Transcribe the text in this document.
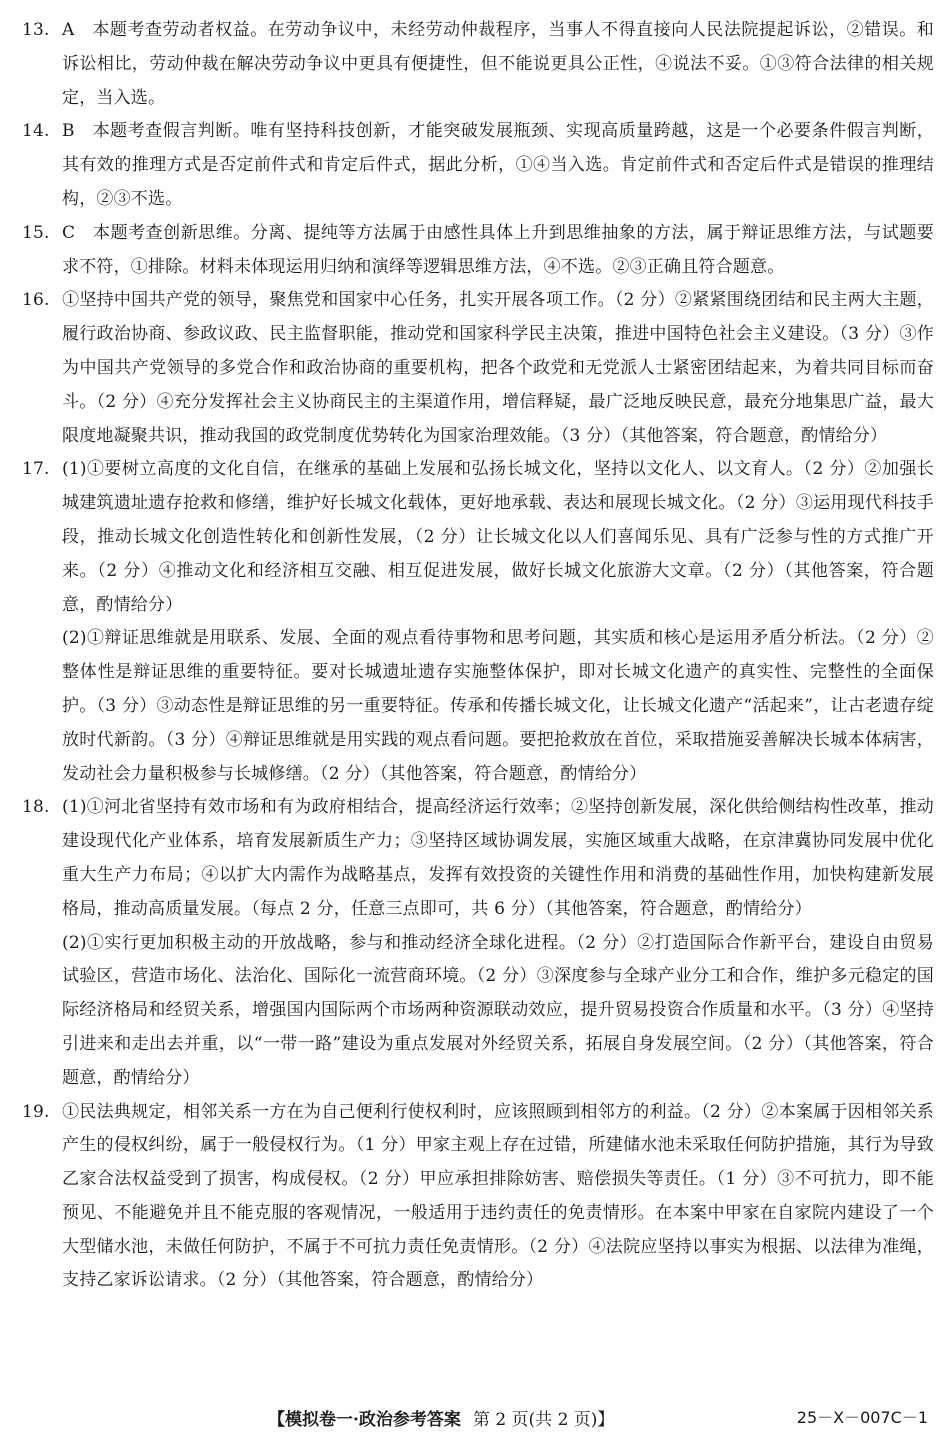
13. A　本题考查劳动者权益。在劳动争议中，未经劳动仲裁程序，当事人不得直接向人民法院提起诉讼，②错误。和诉讼相比，劳动仲裁在解决劳动争议中更具有便捷性，但不能说更具公正性，④说法不妥。①③符合法律的相关规定，当入选。

14. B　本题考查假言判断。唯有坚持科技创新，才能突破发展瓶颈、实现高质量跨越，这是一个必要条件假言判断，其有效的推理方式是否定前件式和肯定后件式，据此分析，①④当入选。肯定前件式和否定后件式是错误的推理结构，②③不选。

15. C　本题考查创新思维。分离、提纯等方法属于由感性具体上升到思维抽象的方法，属于辩证思维方法，与试题要求不符，①排除。材料未体现运用归纳和演绎等逻辑思维方法，④不选。②③正确且符合题意。

16. ①坚持中国共产党的领导，聚焦党和国家中心任务，扎实开展各项工作。（2 分）②紧紧围绕团结和民主两大主题，履行政治协商、参政议政、民主监督职能，推动党和国家科学民主决策，推进中国特色社会主义建设。（3 分）③作为中国共产党领导的多党合作和政治协商的重要机构，把各个政党和无党派人士紧密团结起来，为着共同目标而奋斗。（2 分）④充分发挥社会主义协商民主的主渠道作用，增信释疑，最广泛地反映民意，最充分地集思广益，最大限度地凝聚共识，推动我国的政党制度优势转化为国家治理效能。（3 分）（其他答案，符合题意，酌情给分）

17. (1)①要树立高度的文化自信，在继承的基础上发展和弘扬长城文化，坚持以文化人、以文育人。（2 分）②加强长城建筑遗址遗存抢救和修缮，维护好长城文化载体，更好地承载、表达和展现长城文化。（2 分）③运用现代科技手段，推动长城文化创造性转化和创新性发展，（2 分）让长城文化以人们喜闻乐见、具有广泛参与性的方式推广开来。（2 分）④推动文化和经济相互交融、相互促进发展，做好长城文化旅游大文章。（2 分）（其他答案，符合题意，酌情给分）

(2)①辩证思维就是用联系、发展、全面的观点看待事物和思考问题，其实质和核心是运用矛盾分析法。（2 分）②整体性是辩证思维的重要特征。要对长城遗址遗存实施整体保护，即对长城文化遗产的真实性、完整性的全面保护。（3 分）③动态性是辩证思维的另一重要特征。传承和传播长城文化，让长城文化遗产“活起来”，让古老遗存绽放时代新韵。（3 分）④辩证思维就是用实践的观点看问题。要把抢救放在首位，采取措施妥善解决长城本体病害，发动社会力量积极参与长城修缮。（2 分）（其他答案，符合题意，酌情给分）

18. (1)①河北省坚持有效市场和有为政府相结合，提高经济运行效率；②坚持创新发展，深化供给侧结构性改革，推动建设现代化产业体系，培育发展新质生产力；③坚持区域协调发展，实施区域重大战略，在京津冀协同发展中优化重大生产力布局；④以扩大内需作为战略基点，发挥有效投资的关键性作用和消费的基础性作用，加快构建新发展格局，推动高质量发展。（每点 2 分，任意三点即可，共 6 分）（其他答案，符合题意，酌情给分）

(2)①实行更加积极主动的开放战略，参与和推动经济全球化进程。（2 分）②打造国际合作新平台，建设自由贸易试验区，营造市场化、法治化、国际化一流营商环境。（2 分）③深度参与全球产业分工和合作，维护多元稳定的国际经济格局和经贸关系，增强国内国际两个市场两种资源联动效应，提升贸易投资合作质量和水平。（3 分）④坚持引进来和走出去并重，以“一带一路”建设为重点发展对外经贸关系，拓展自身发展空间。（2 分）（其他答案，符合题意，酌情给分）

19. ①民法典规定，相邻关系一方在为自己便利行使权利时，应该照顾到相邻方的利益。（2 分）②本案属于因相邻关系产生的侵权纠纷，属于一般侵权行为。（1 分）甲家主观上存在过错，所建储水池未采取任何防护措施，其行为导致乙家合法权益受到了损害，构成侵权。（2 分）甲应承担排除妨害、赔偿损失等责任。（1 分）③不可抗力，即不能预见、不能避免并且不能克服的客观情况，一般适用于违约责任的免责情形。在本案中甲家在自家院内建设了一个大型储水池，未做任何防护，不属于不可抗力责任免责情形。（2 分）④法院应坚持以事实为根据、以法律为准绳，支持乙家诉讼请求。（2 分）（其他答案，符合题意，酌情给分）

【模拟卷一·政治参考答案 第 2 页(共 2 页)】	25－X－007C－1
